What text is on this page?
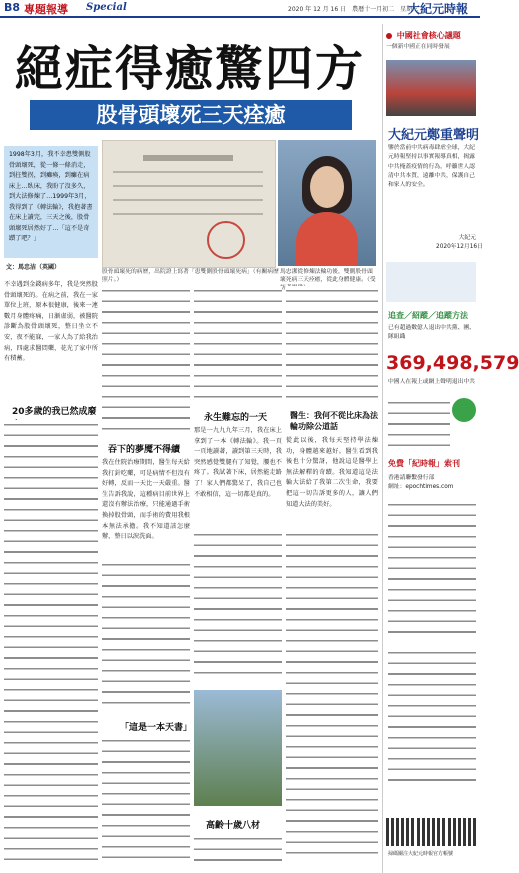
B8 專題報導 Special	2020 年 12 月 16 日　農曆十一月初二　星期三
大紀元時報
絕症得癒驚四方
股骨頭壞死三天痊癒

1998年3月，我不幸患雙側股骨頭壞死，從一條一條消走，到拄雙拐，到癱瘓，到癱在病床上…臥床，我盼了沒多久，到大法修煉了…1999年3月，我得到了《轉法輪》，我抱著書在床上讀完，三天之後，股骨頭壞死居然好了…「這不是奇蹟了吧？」

文：馬忠洁（英國）
股骨頭壞死的病歷，出院證上寫著「患雙側股骨頭壞死病」（有關病歷照片。）
馬忠潔從修煉法輪功後，雙側股骨頭壞死病三天痊癒，從此身體健康。（受訪

不幸遇到金錢病多年，我是突然股骨頭壞死的。在病之前，我在一家單位上班，原本很健康，後來一連數月身體疼痛，日漸虛弱，被醫院診斷為股骨頭壞死，整日坐立不安，夜不能寐，一家人為了給我治病，四處求醫問藥，花光了家中所有積蓄。

20多歲的我已然成廢
吞下的夢魇不得續

我在住院治療期間，醫生每天給我打針吃藥，可是病情不但沒有好轉，反而一天比一天嚴重。醫生告訴我說，這種病目前世界上還沒有辦法治療，只能通過手術換掉股骨頭，而手術的費用我根本無法承擔。我不知道該怎麼辦，整日以淚洗面。

「這是一本天書」
永生難忘的一天

那是一九九九年三月，我在床上拿到了一本《轉法輪》。我一頁一頁地讀著，讀到第三天時，我突然感覺雙腿有了知覺，腰也不疼了。我試著下床，居然能走路了！家人們都驚呆了，我自己也不敢相信，這一切都是真的。

高齡十歲八材
醫生：我何不從比床為法輪功除公道話

從此以後，我每天堅持學法煉功，身體越來越好。醫生看到我後也十分驚訝，他說這是醫學上無法解釋的奇蹟。我知道這是法輪大法給了我第二次生命，我要把這一切告訴更多的人，讓人們知道大法的美好。

中國社會核心議題
一個新中國正在同時發展
大紀元鄭重聲明
鑒於當前中共病毒肆虐全球，大紀元時報堅持以事實報導真相，揭露中共掩蓋疫情的行為，呼籲世人認清中共本質，遠離中共，保護自己和家人的安全。
大紀元
2020年12月16日
追查／紹蹤／追蹤方法
已有超過數億人退出中共黨、團、隊組織
369,498,579
中國人在報上或網上聲明退出中共
免費「紀時報」索刊
香港請聯繫發行部
網址：epochtimes.com
掃碼關注大紀元時報官方帳號
